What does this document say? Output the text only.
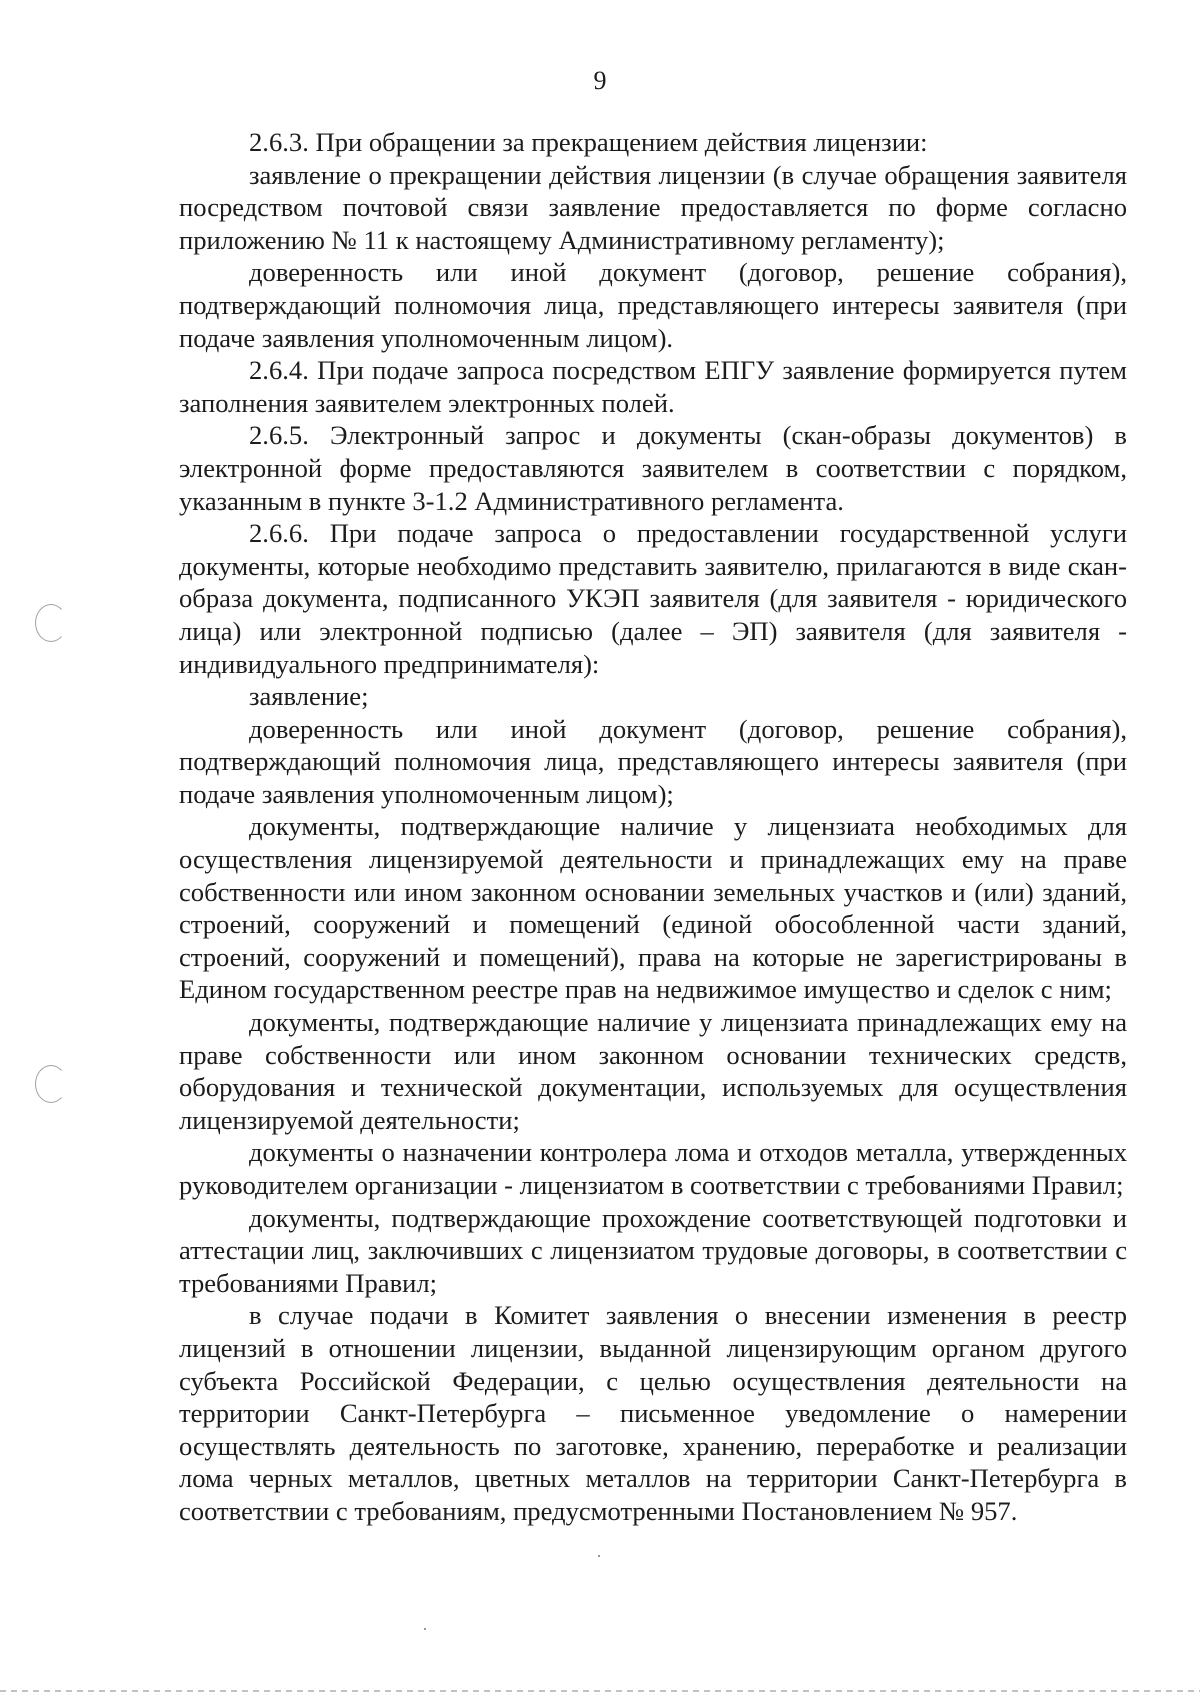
9

2.6.3. При обращении за прекращением действия лицензии:

заявление о прекращении действия лицензии (в случае обращения заявителя посредством почтовой связи заявление предоставляется по форме согласно приложению № 11 к настоящему Административному регламенту);

доверенность или иной документ (договор, решение собрания), подтверждающий полномочия лица, представляющего интересы заявителя (при подаче заявления уполномоченным лицом).

2.6.4. При подаче запроса посредством ЕПГУ заявление формируется путем заполнения заявителем электронных полей.

2.6.5. Электронный запрос и документы (скан-образы документов) в электронной форме предоставляются заявителем в соответствии с порядком, указанным в пункте 3-1.2 Административного регламента.

2.6.6. При подаче запроса о предоставлении государственной услуги документы, которые необходимо представить заявителю, прилагаются в виде скан-образа документа, подписанного УКЭП заявителя (для заявителя - юридического лица) или электронной подписью (далее – ЭП) заявителя (для заявителя - индивидуального предпринимателя):

заявление;

доверенность или иной документ (договор, решение собрания), подтверждающий полномочия лица, представляющего интересы заявителя (при подаче заявления уполномоченным лицом);

документы, подтверждающие наличие у лицензиата необходимых для осуществления лицензируемой деятельности и принадлежащих ему на праве собственности или ином законном основании земельных участков и (или) зданий, строений, сооружений и помещений (единой обособленной части зданий, строений, сооружений и помещений), права на которые не зарегистрированы в Едином государственном реестре прав на недвижимое имущество и сделок с ним;

документы, подтверждающие наличие у лицензиата принадлежащих ему на праве собственности или ином законном основании технических средств, оборудования и технической документации, используемых для осуществления лицензируемой деятельности;

документы о назначении контролера лома и отходов металла, утвержденных руководителем организации - лицензиатом в соответствии с требованиями Правил;

документы, подтверждающие прохождение соответствующей подготовки и аттестации лиц, заключивших с лицензиатом трудовые договоры, в соответствии с требованиями Правил;

в случае подачи в Комитет заявления о внесении изменения в реестр лицензий в отношении лицензии, выданной лицензирующим органом другого субъекта Российской Федерации, с целью осуществления деятельности на территории Санкт-Петербурга – письменное уведомление о намерении осуществлять деятельность по заготовке, хранению, переработке и реализации лома черных металлов, цветных металлов на территории Санкт-Петербурга в соответствии с требованиям, предусмотренными Постановлением № 957.
